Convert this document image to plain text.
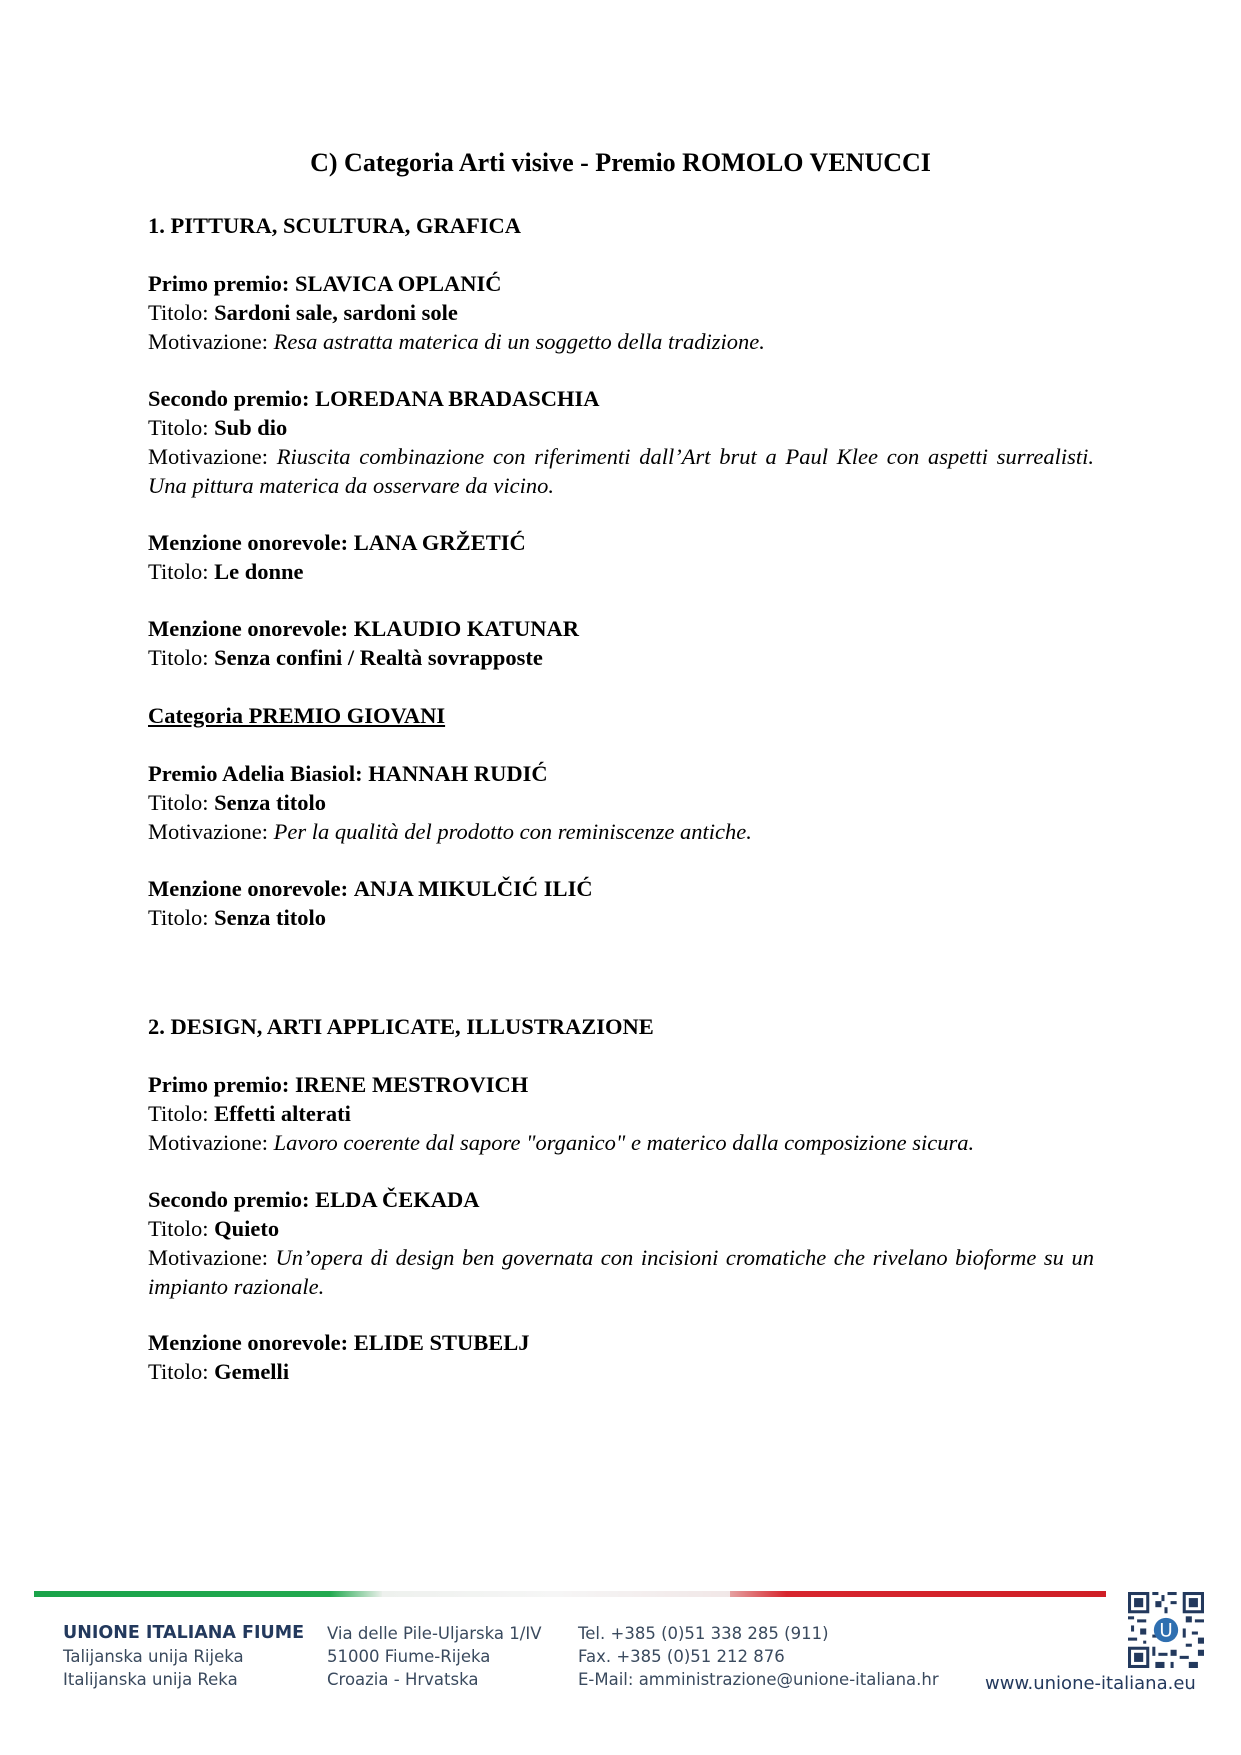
C) Categoria Arti visive - Premio ROMOLO VENUCCI
1. PITTURA, SCULTURA, GRAFICA
Primo premio: SLAVICA OPLANIĆ
Titolo: Sardoni sale, sardoni sole
Motivazione: Resa astratta materica di un soggetto della tradizione.
Secondo premio: LOREDANA BRADASCHIA
Titolo: Sub dio
Motivazione: Riuscita combinazione con riferimenti dall’Art brut a Paul Klee con aspetti surrealisti. Una pittura materica da osservare da vicino.
Menzione onorevole: LANA GRŽETIĆ
Titolo: Le donne
Menzione onorevole: KLAUDIO KATUNAR
Titolo: Senza confini / Realtà sovrapposte
Categoria PREMIO GIOVANI
Premio Adelia Biasiol: HANNAH RUDIĆ
Titolo: Senza titolo
Motivazione: Per la qualità del prodotto con reminiscenze antiche.
Menzione onorevole: ANJA MIKULČIĆ ILIĆ
Titolo: Senza titolo
2. DESIGN, ARTI APPLICATE, ILLUSTRAZIONE
Primo premio: IRENE MESTROVICH
Titolo: Effetti alterati
Motivazione: Lavoro coerente dal sapore "organico" e materico dalla composizione sicura.
Secondo premio: ELDA ČEKADA
Titolo: Quieto
Motivazione: Un’opera di design ben governata con incisioni cromatiche che rivelano bioforme su un impianto razionale.
Menzione onorevole: ELIDE STUBELJ
Titolo: Gemelli
UNIONE ITALIANA FIUME
Talijanska unija Rijeka
Italijanska unija Reka
Via delle Pile-Uljarska 1/IV
51000 Fiume-Rijeka
Croazia - Hrvatska
Tel. +385 (0)51 338 285 (911)
Fax. +385 (0)51 212 876
E-Mail: amministrazione@unione-italiana.hr	www.unione-italiana.eu
U
